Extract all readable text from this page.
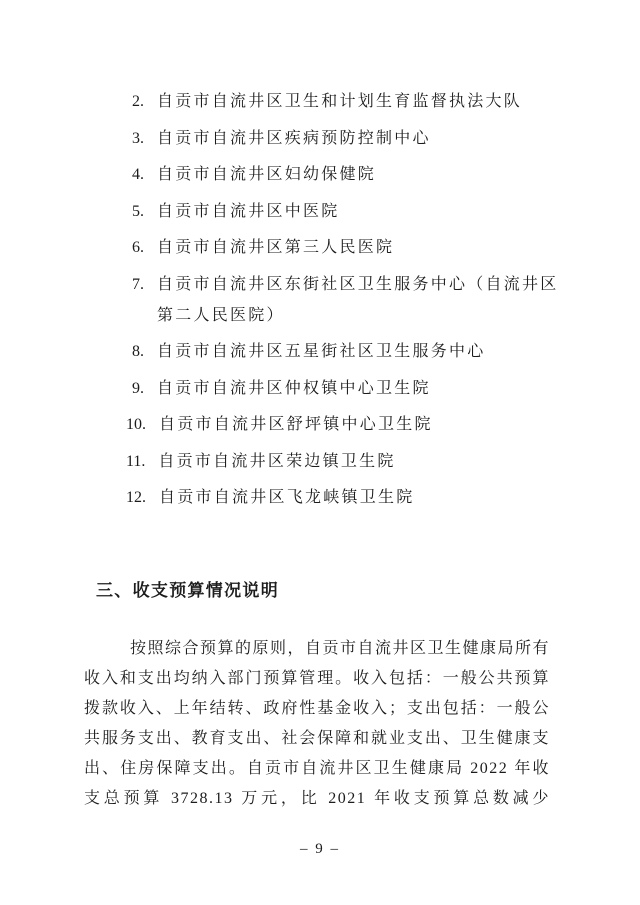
2. 自贡市自流井区卫生和计划生育监督执法大队
3. 自贡市自流井区疾病预防控制中心
4. 自贡市自流井区妇幼保健院
5. 自贡市自流井区中医院
6. 自贡市自流井区第三人民医院
7. 自贡市自流井区东街社区卫生服务中心（自流井区第二人民医院）
8. 自贡市自流井区五星街社区卫生服务中心
9. 自贡市自流井区仲权镇中心卫生院
10. 自贡市自流井区舒坪镇中心卫生院
11. 自贡市自流井区荣边镇卫生院
12. 自贡市自流井区飞龙峡镇卫生院
三、收支预算情况说明
按照综合预算的原则，自贡市自流井区卫生健康局所有收入和支出均纳入部门预算管理。收入包括：一般公共预算拨款收入、上年结转、政府性基金收入；支出包括：一般公共服务支出、教育支出、社会保障和就业支出、卫生健康支出、住房保障支出。自贡市自流井区卫生健康局 2022 年收支总预算 3728.13 万元，比 2021 年收支预算总数减少
– 9 –
